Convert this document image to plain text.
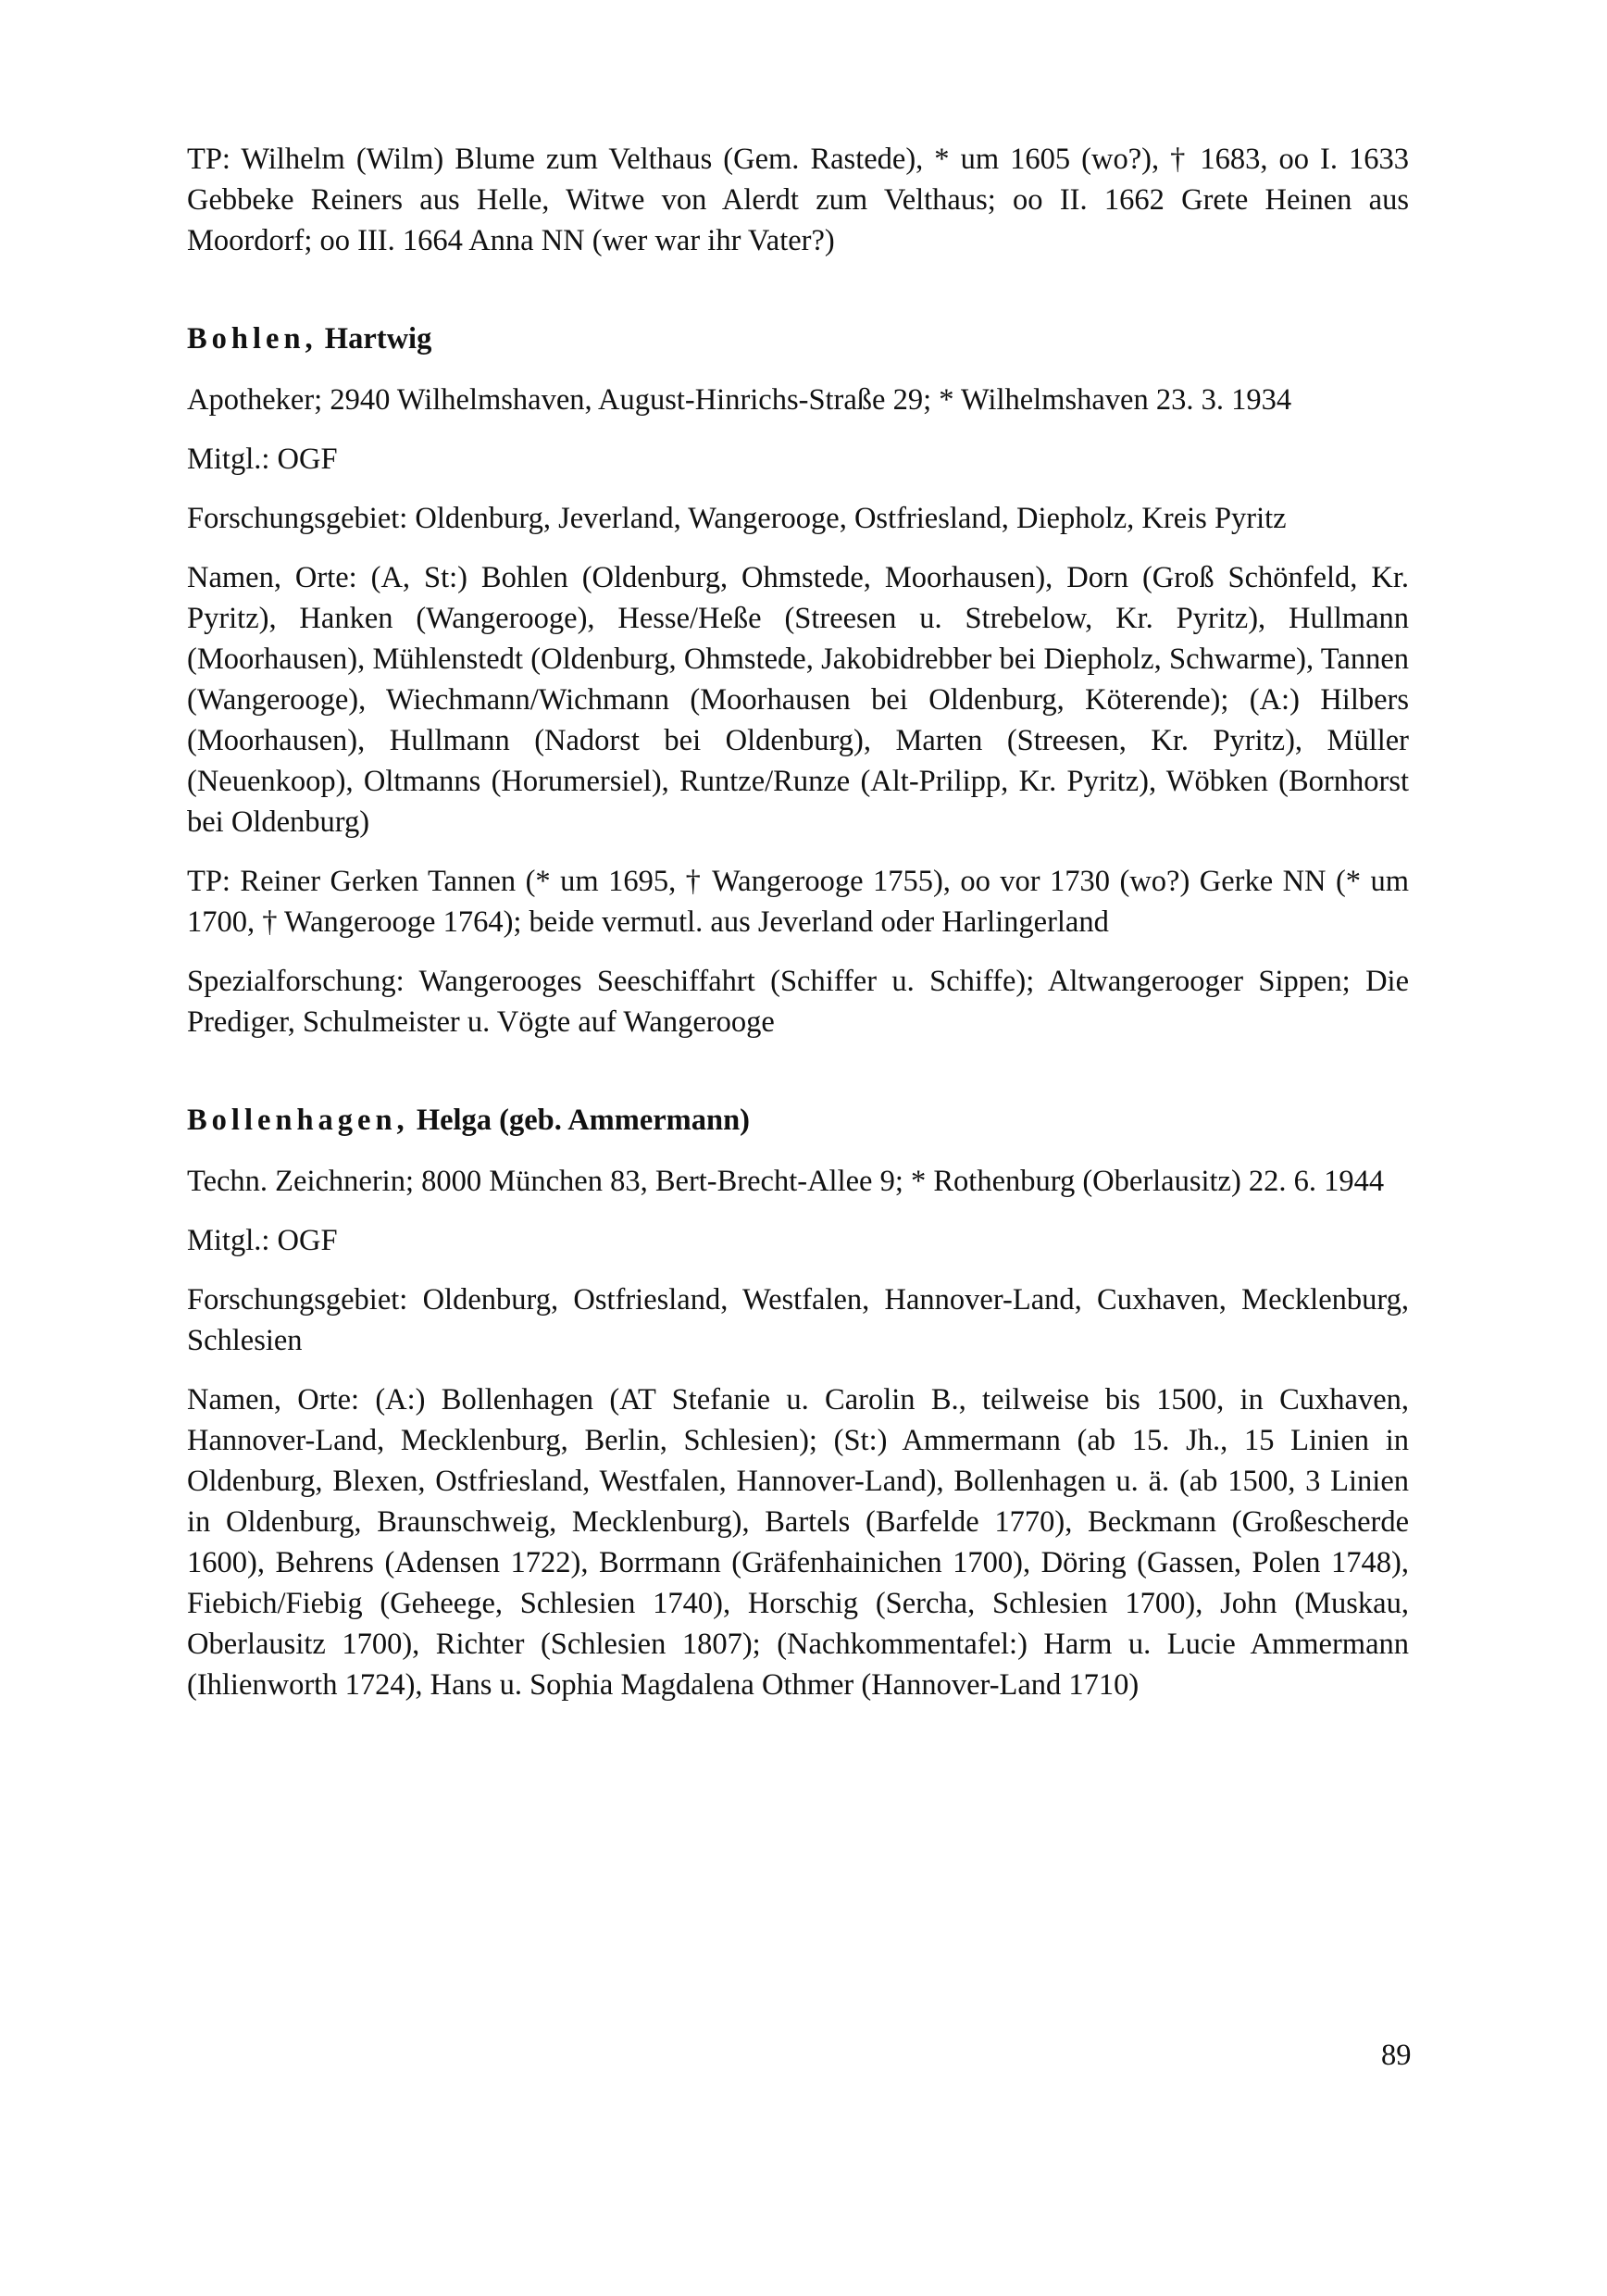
TP: Wilhelm (Wilm) Blume zum Velthaus (Gem. Rastede), * um 1605 (wo?), † 1683, oo I. 1633 Gebbeke Reiners aus Helle, Witwe von Alerdt zum Velthaus; oo II. 1662 Grete Heinen aus Moordorf; oo III. 1664 Anna NN (wer war ihr Vater?)

Bohlen, Hartwig

Apotheker; 2940 Wilhelmshaven, August-Hinrichs-Straße 29; * Wilhelmshaven 23. 3. 1934

Mitgl.: OGF

Forschungsgebiet: Oldenburg, Jeverland, Wangerooge, Ostfriesland, Diepholz, Kreis Pyritz

Namen, Orte: (A, St:) Bohlen (Oldenburg, Ohmstede, Moorhausen), Dorn (Groß Schönfeld, Kr. Pyritz), Hanken (Wangerooge), Hesse/Heße (Streesen u. Strebelow, Kr. Pyritz), Hullmann (Moorhausen), Mühlenstedt (Oldenburg, Ohmstede, Jakobidrebber bei Diepholz, Schwarme), Tannen (Wangerooge), Wiechmann/Wichmann (Moorhausen bei Oldenburg, Köterende); (A:) Hilbers (Moorhausen), Hullmann (Nadorst bei Oldenburg), Marten (Streesen, Kr. Pyritz), Müller (Neuenkoop), Oltmanns (Horumersiel), Runtze/Runze (Alt-Prilipp, Kr. Pyritz), Wöbken (Bornhorst bei Oldenburg)

TP: Reiner Gerken Tannen (* um 1695, † Wangerooge 1755), oo vor 1730 (wo?) Gerke NN (* um 1700, † Wangerooge 1764); beide vermutl. aus Jeverland oder Harlingerland

Spezialforschung: Wangerooges Seeschiffahrt (Schiffer u. Schiffe); Altwangerooger Sippen; Die Prediger, Schulmeister u. Vögte auf Wangerooge

Bollenhagen, Helga (geb. Ammermann)

Techn. Zeichnerin; 8000 München 83, Bert-Brecht-Allee 9; * Rothenburg (Oberlausitz) 22. 6. 1944

Mitgl.: OGF

Forschungsgebiet: Oldenburg, Ostfriesland, Westfalen, Hannover-Land, Cuxhaven, Mecklenburg, Schlesien

Namen, Orte: (A:) Bollenhagen (AT Stefanie u. Carolin B., teilweise bis 1500, in Cuxhaven, Hannover-Land, Mecklenburg, Berlin, Schlesien); (St:) Ammermann (ab 15. Jh., 15 Linien in Oldenburg, Blexen, Ostfriesland, Westfalen, Hannover-Land), Bollenhagen u. ä. (ab 1500, 3 Linien in Oldenburg, Braunschweig, Mecklenburg), Bartels (Barfelde 1770), Beckmann (Großescherde 1600), Behrens (Adensen 1722), Borrmann (Gräfenhainichen 1700), Döring (Gassen, Polen 1748), Fiebich/Fiebig (Geheege, Schlesien 1740), Horschig (Sercha, Schlesien 1700), John (Muskau, Oberlausitz 1700), Richter (Schlesien 1807); (Nachkommentafel:) Harm u. Lucie Ammermann (Ihlienworth 1724), Hans u. Sophia Magdalena Othmer (Hannover-Land 1710)

89
